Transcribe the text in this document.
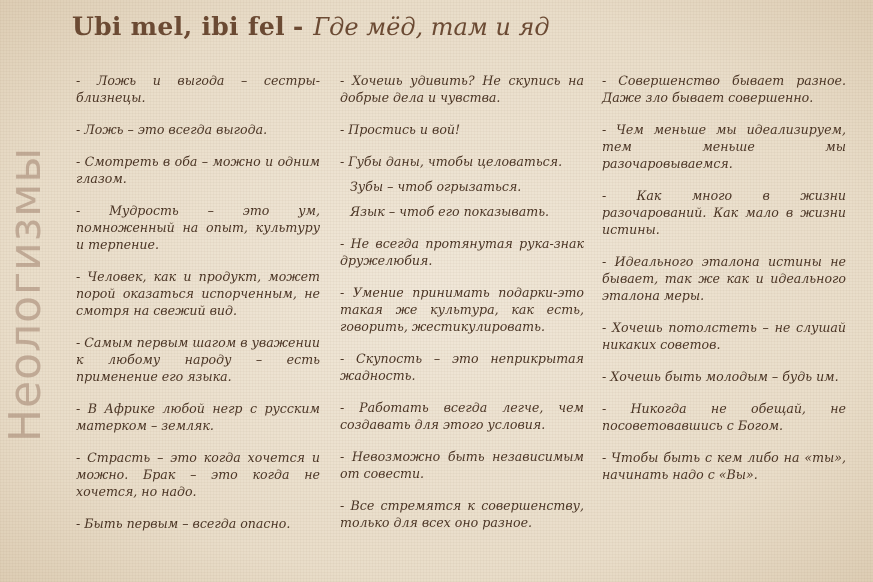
Неологизмы
Ubi mel, ibi fel - Где мёд, там и яд
- Ложь и выгода – сестры-близнецы.
- Ложь – это всегда выгода.
- Смотреть в оба – можно и одним глазом.
- Мудрость – это ум, помноженный на опыт, культуру и терпение.
- Человек, как и продукт, может порой оказаться испорченным, не смотря на свежий вид.
- Самым первым шагом в уважении к любому народу – есть применение его языка.
- В Африке любой негр с русским матерком – земляк.
- Страсть – это когда хочется и можно. Брак – это когда не хочется, но надо.
- Быть первым – всегда опасно.
- Хочешь удивить? Не скупись на добрые дела и чувства.
- Простись и вой!
- Губы даны, чтобы целоваться.
Зубы – чтоб огрызаться.
Язык – чтоб его показывать.
- Не всегда протянутая рука-знак дружелюбия.
- Умение принимать подарки-это такая же культура, как есть, говорить, жестикулировать.
- Скупость – это неприкрытая жадность.
- Работать всегда легче, чем создавать для этого условия.
- Невозможно быть независимым от совести.
- Все стремятся к совершенству, только для всех оно разное.
- Совершенство бывает разное. Даже зло бывает совершенно.
- Чем меньше мы идеализируем, тем меньше мы разочаровываемся.
- Как много в жизни разочарований. Как мало в жизни истины.
- Идеального эталона истины не бывает, так же как и идеального эталона меры.
- Хочешь потолстеть – не слушай никаких советов.
- Хочешь быть молодым – будь им.
- Никогда не обещай, не посоветовавшись с Богом.
- Чтобы быть с кем либо на «ты», начинать надо с «Вы».
